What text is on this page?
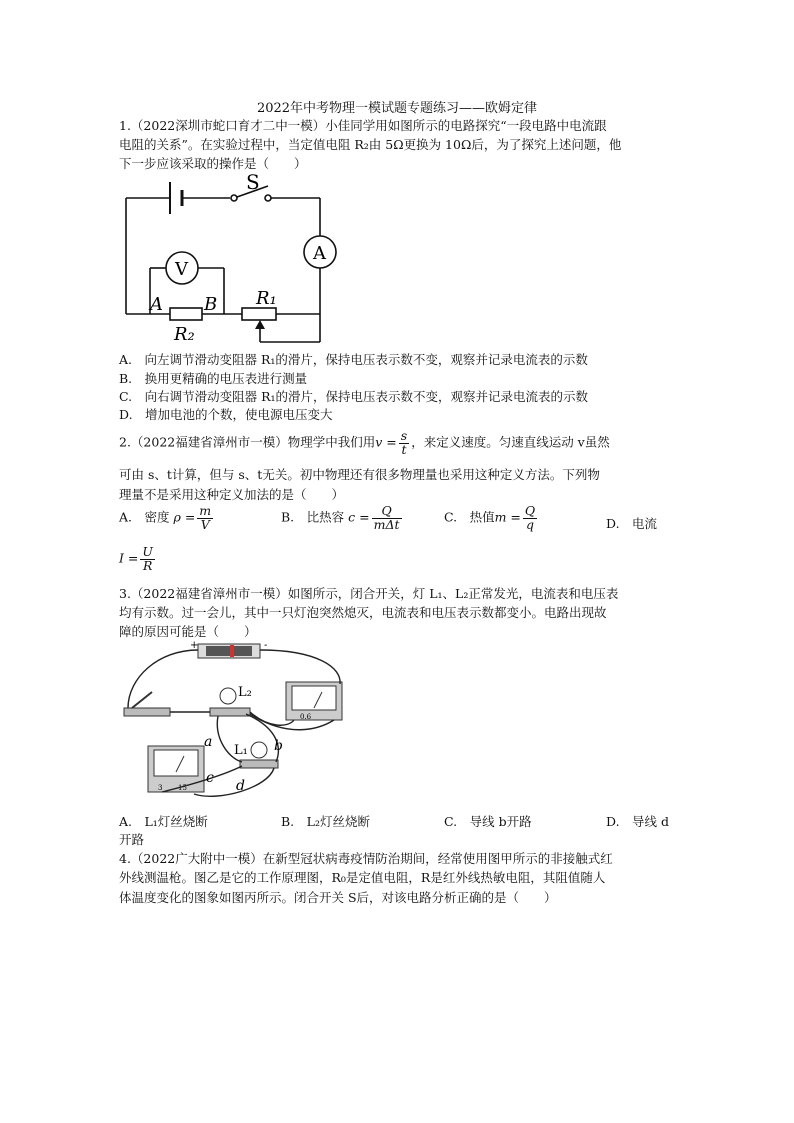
2022年中考物理一模试题专题练习——欧姆定律
1.（2022深圳市蛇口育才二中一模）小佳同学用如图所示的电路探究“一段电路中电流跟
电阻的关系”。在实验过程中，当定值电阻 R₂由 5Ω更换为 10Ω后，为了探究上述问题，他
下一步应该采取的操作是（　　）
S
A
V
A B R₁
R₂
A.　向左调节滑动变阻器 R₁的滑片，保持电压表示数不变，观察并记录电流表的示数
B.　换用更精确的电压表进行测量
C.　向右调节滑动变阻器 R₁的滑片，保持电压表示数不变，观察并记录电流表的示数
D.　增加电池的个数，使电源电压变大
2.（2022福建省漳州市一模）物理学中我们用$v = \frac{s}{t}$ ，来定义速度。匀速直线运动 v虽然
可由 s、t计算，但与 s、t无关。初中物理还有很多物理量也采用这种定义方法。下列物
理量不是采用这种定义加法的是（　　）
A.　密度 $\rho = \frac{m}{V}$	B.　比热容 $c = \frac{Q}{\text{mΔt}}$	C.　热值$m = \frac{Q}{q}$	D.　电流
$I = \frac{U}{R}$
3.（2022福建省漳州市一模）如图所示，闭合开关，灯 L₁、L₂正常发光，电流表和电压表
均有示数。过一会儿，其中一只灯泡突然熄灭，电流表和电压表示数都变小。电路出现故
障的原因可能是（　　）
+	-
L₂
0.6
3 15
L₁
a	b
c d
A.　L₁灯丝烧断	B.　L₂灯丝烧断	C.　导线 b开路	D.　导线 d
开路
4.（2022广大附中一模）在新型冠状病毒疫情防治期间，经常使用图甲所示的非接触式红
外线测温枪。图乙是它的工作原理图，R₀是定值电阻，R是红外线热敏电阻，其阻值随人
体温度变化的图象如图丙所示。闭合开关 S后，对该电路分析正确的是（　　）
